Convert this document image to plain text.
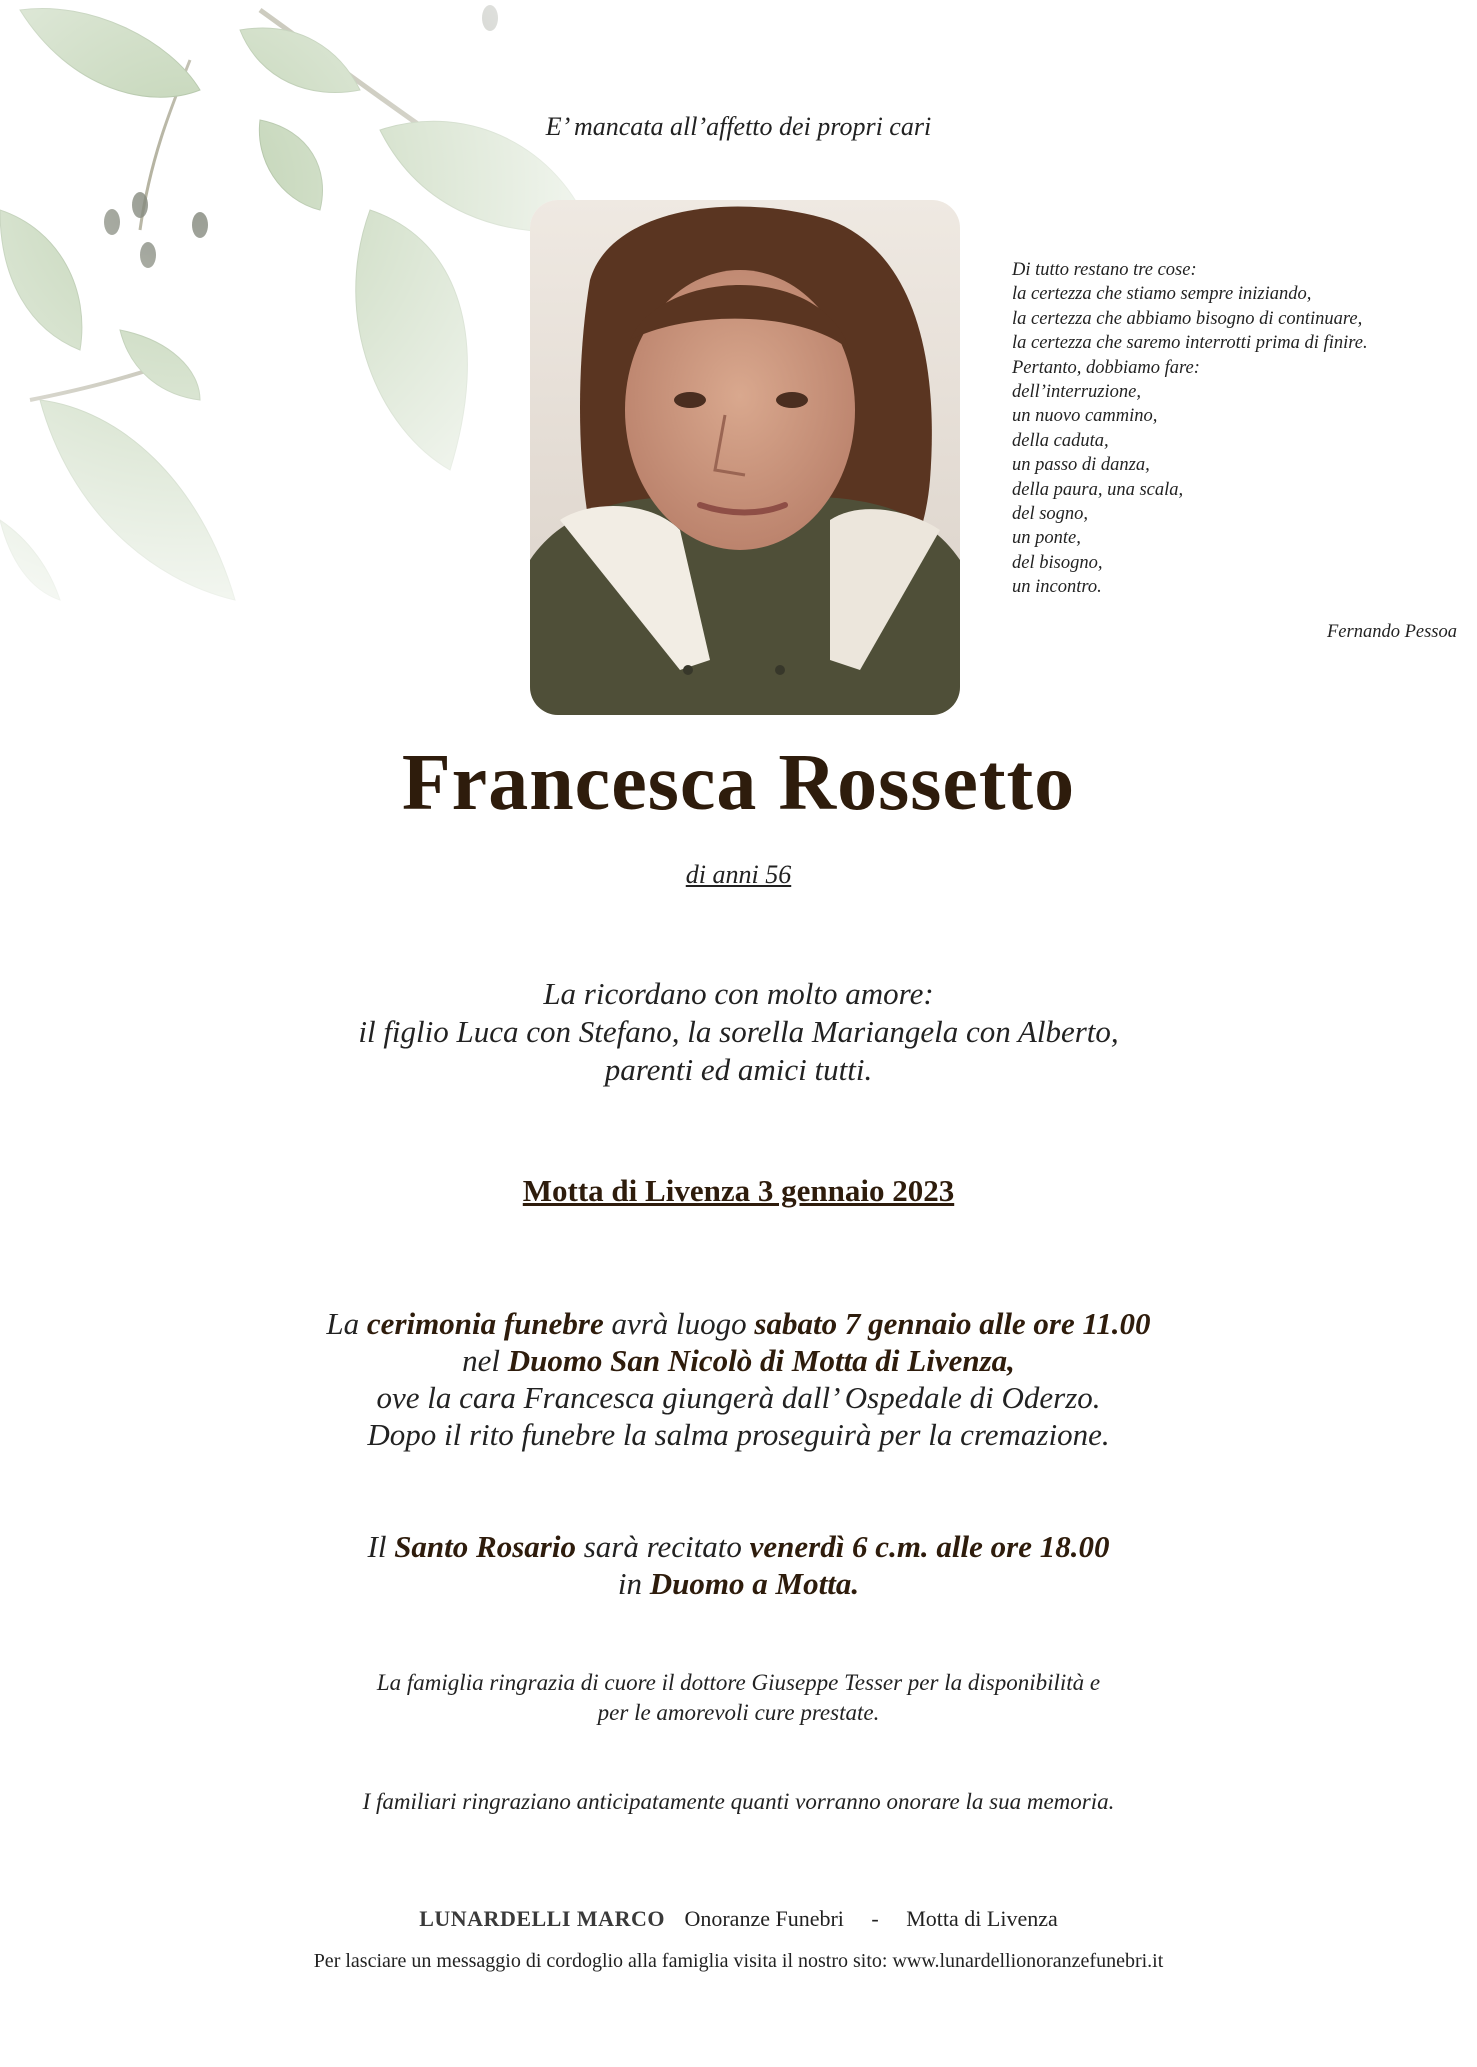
E’ mancata all’affetto dei propri cari
Di tutto restano tre cose:
la certezza che stiamo sempre iniziando,
la certezza che abbiamo bisogno di continuare,
la certezza che saremo interrotti prima di finire.
Pertanto, dobbiamo fare:
dell’interruzione,
un nuovo cammino,
della caduta,
un passo di danza,
della paura, una scala,
del sogno,
un ponte,
del bisogno,
un incontro.
Fernando Pessoa
Francesca Rossetto
di anni 56
La ricordano con molto amore:
il figlio Luca con Stefano, la sorella Mariangela con Alberto,
parenti ed amici tutti.
Motta di Livenza 3 gennaio 2023
La cerimonia funebre avrà luogo sabato 7 gennaio alle ore 11.00
nel Duomo San Nicolò di Motta di Livenza,
ove la cara Francesca giungerà dall’ Ospedale di Oderzo.
Dopo il rito funebre la salma proseguirà per la cremazione.
Il Santo Rosario sarà recitato venerdì 6 c.m. alle ore 18.00
in Duomo a Motta.
La famiglia ringrazia di cuore il dottore Giuseppe Tesser per la disponibilità e
per le amorevoli cure prestate.
I familiari ringraziano anticipatamente quanti vorranno onorare la sua memoria.
LUNARDELLI MARCO Onoranze Funebri - Motta di Livenza
Per lasciare un messaggio di cordoglio alla famiglia visita il nostro sito: www.lunardellionoranzefunebri.it
